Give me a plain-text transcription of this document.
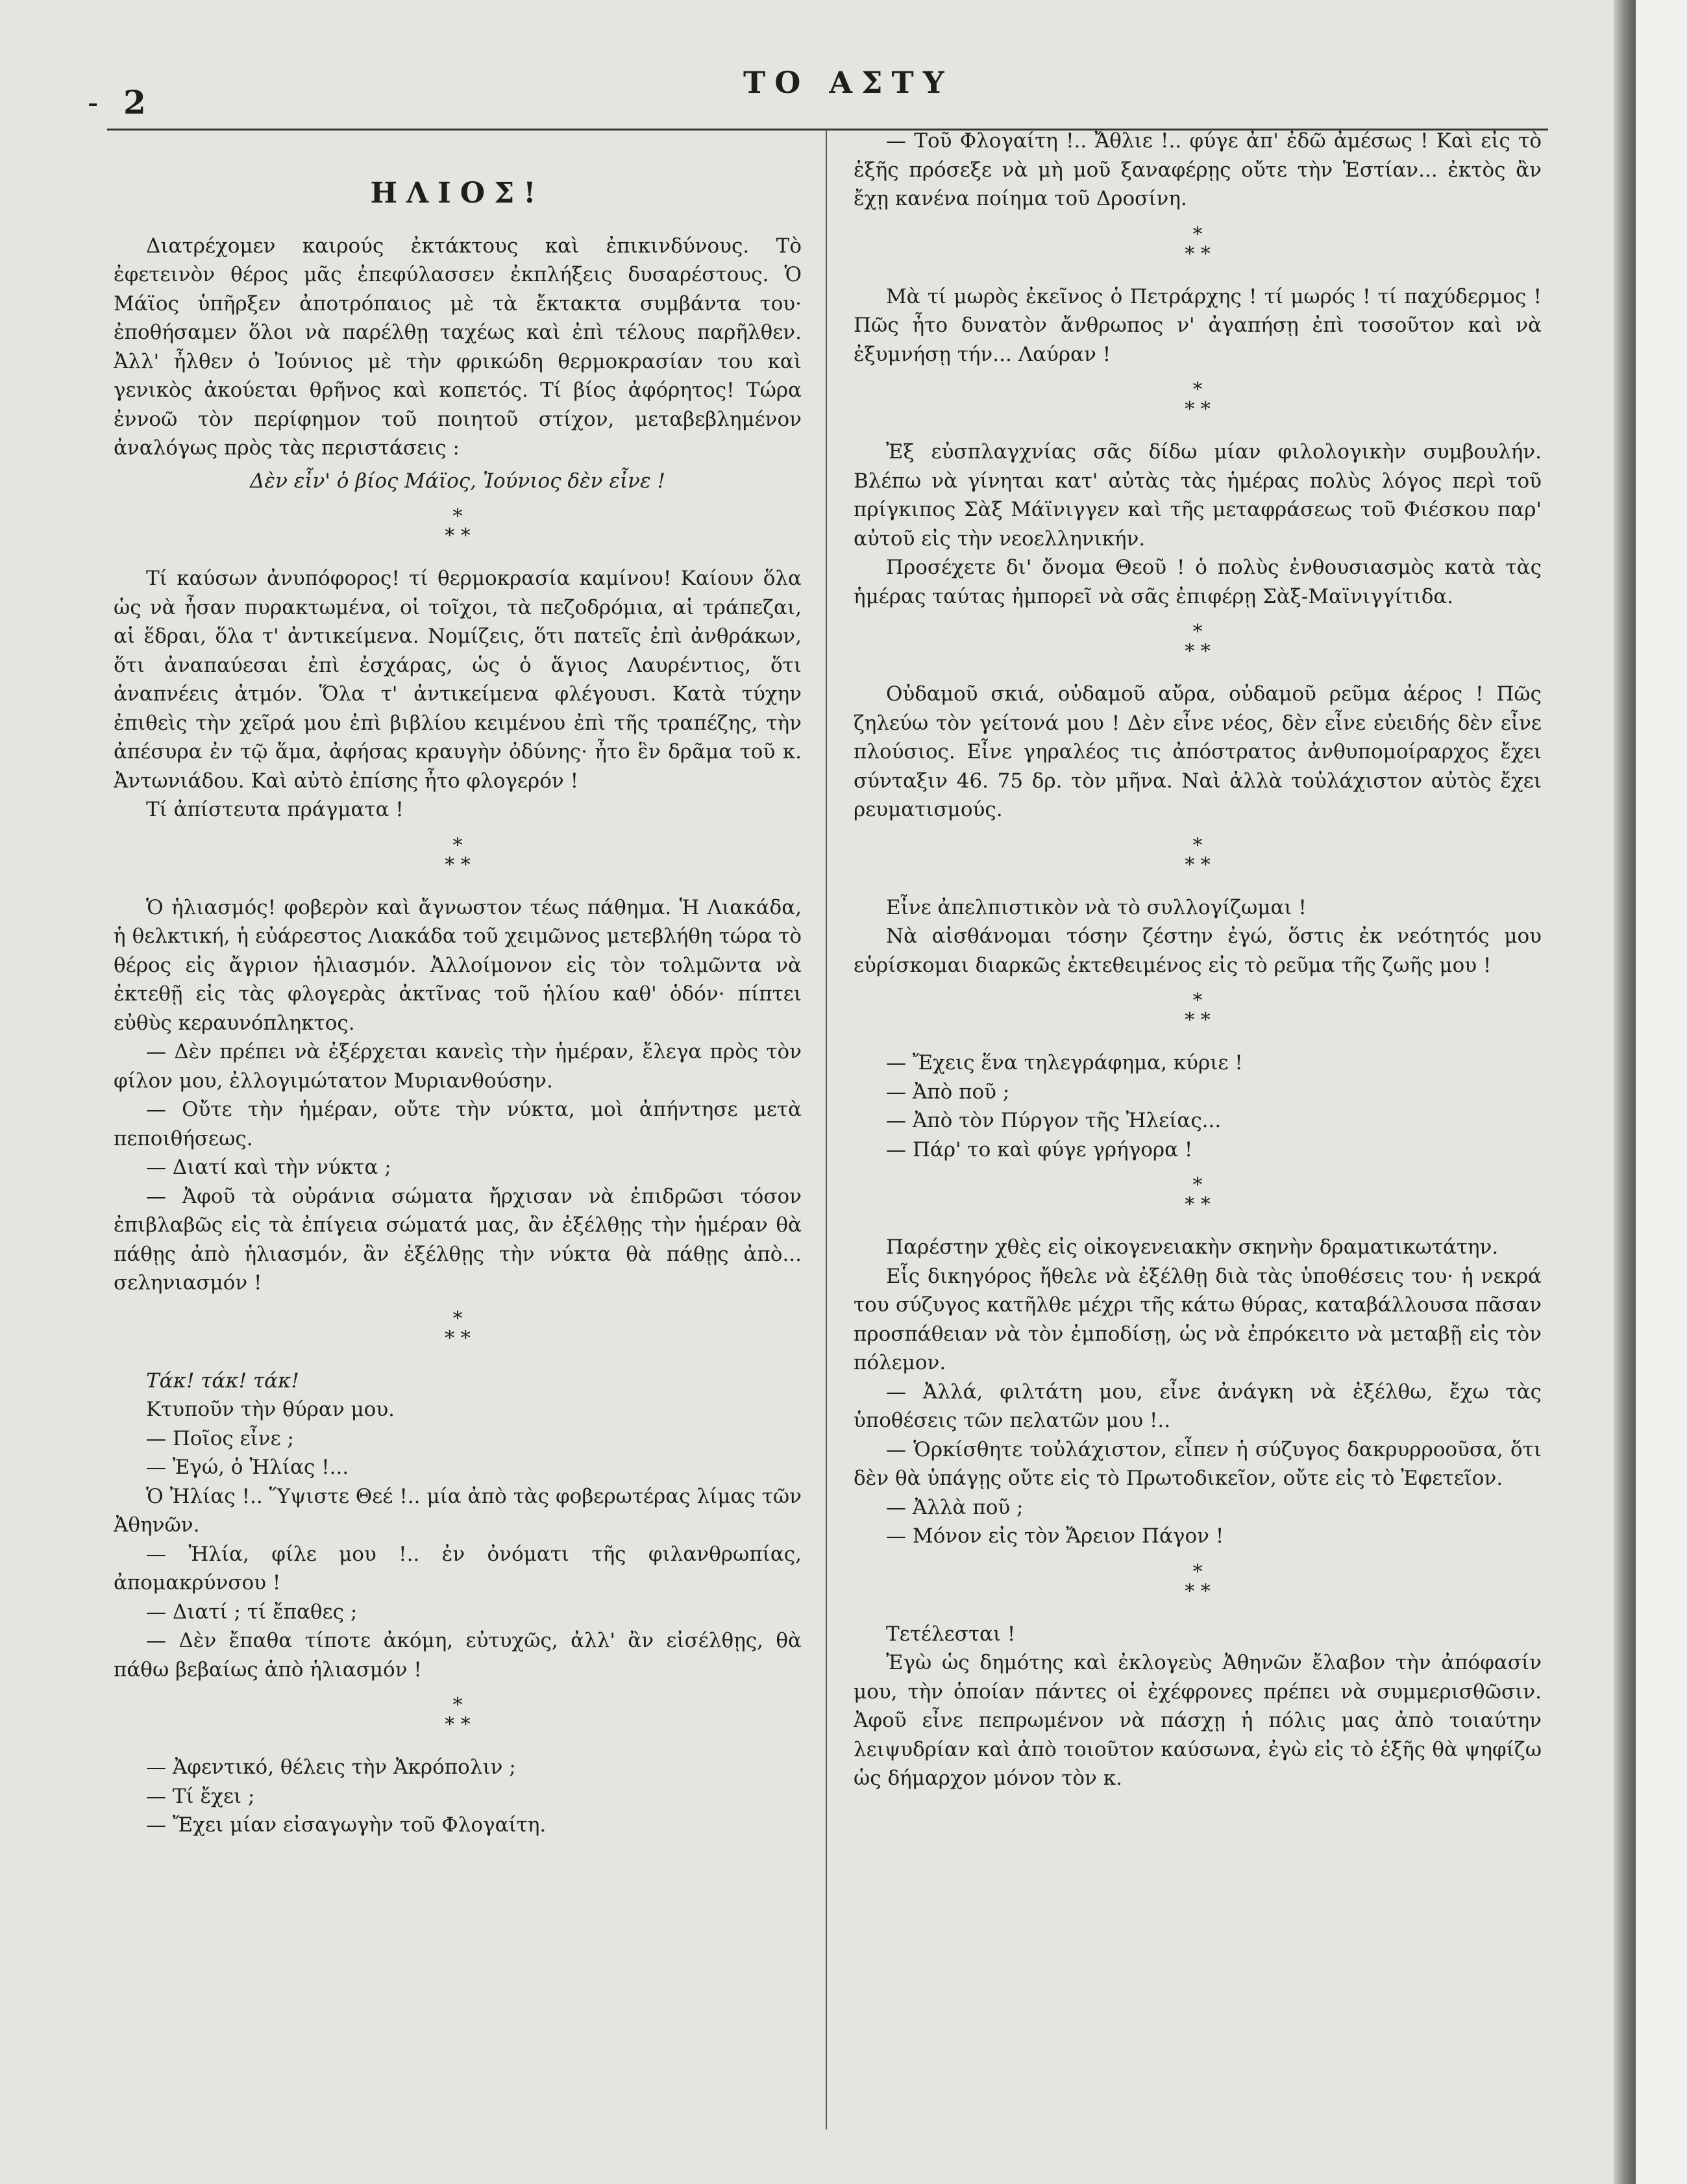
- 2
ΤΟ ΑΣΤΥ

ΗΛΙΟΣ!

Διατρέχομεν καιρούς ἐκτάκτους καὶ ἐπικινδύνους. Τὸ ἐφετεινὸν θέρος μᾶς ἐπεφύλασσεν ἐκπλήξεις δυσαρέστους. Ὁ Μάϊος ὑπῆρξεν ἀποτρόπαιος μὲ τὰ ἔκτακτα συμβάντα του· ἐποθήσαμεν ὅλοι νὰ παρέλθῃ ταχέως καὶ ἐπὶ τέλους παρῆλθεν. Ἀλλ' ἦλθεν ὁ Ἰούνιος μὲ τὴν φρικώδη θερμοκρασίαν του καὶ γενικὸς ἀκούεται θρῆνος καὶ κοπετός. Τί βίος ἀφόρητος! Τώρα ἐννοῶ τὸν περίφημον τοῦ ποιητοῦ στίχον, μεταβεβλημένον ἀναλόγως πρὸς τὰς περιστάσεις :

Δὲν εἶν' ὁ βίος Μάϊος, Ἰούνιος δὲν εἶνε !

*
* *

Τί καύσων ἀνυπόφορος! τί θερμοκρασία καμίνου! Καίουν ὅλα ὡς νὰ ἦσαν πυρακτωμένα, οἱ τοῖχοι, τὰ πεζοδρόμια, αἱ τράπεζαι, αἱ ἕδραι, ὅλα τ' ἀντικείμενα. Νομίζεις, ὅτι πατεῖς ἐπὶ ἀνθράκων, ὅτι ἀναπαύεσαι ἐπὶ ἐσχάρας, ὡς ὁ ἅγιος Λαυρέντιος, ὅτι ἀναπνέεις ἀτμόν. Ὅλα τ' ἀντικείμενα φλέγουσι. Κατὰ τύχην ἐπιθεὶς τὴν χεῖρά μου ἐπὶ βιβλίου κειμένου ἐπὶ τῆς τραπέζης, τὴν ἀπέσυρα ἐν τῷ ἅμα, ἀφήσας κραυγὴν ὀδύνης· ἦτο ἓν δρᾶμα τοῦ κ. Ἀντωνιάδου. Καὶ αὐτὸ ἐπίσης ἦτο φλογερόν !

Τί ἀπίστευτα πράγματα !

*
* *

Ὁ ἡλιασμός! φοβερὸν καὶ ἄγνωστον τέως πάθημα. Ἡ Λιακάδα, ἡ θελκτική, ἡ εὐάρεστος Λιακάδα τοῦ χειμῶνος μετεβλήθη τώρα τὸ θέρος εἰς ἄγριον ἡλιασμόν. Ἀλλοίμονον εἰς τὸν τολμῶντα νὰ ἐκτεθῇ εἰς τὰς φλογερὰς ἀκτῖνας τοῦ ἡλίου καθ' ὁδόν· πίπτει εὐθὺς κεραυνόπληκτος.

— Δὲν πρέπει νὰ ἐξέρχεται κανεὶς τὴν ἡμέραν, ἔλεγα πρὸς τὸν φίλον μου, ἐλλογιμώτατον Μυριανθούσην.

— Οὔτε τὴν ἡμέραν, οὔτε τὴν νύκτα, μοὶ ἀπήντησε μετὰ πεποιθήσεως.

— Διατί καὶ τὴν νύκτα ;

— Ἀφοῦ τὰ οὐράνια σώματα ἤρχισαν νὰ ἐπιδρῶσι τόσον ἐπιβλαβῶς εἰς τὰ ἐπίγεια σώματά μας, ἂν ἐξέλθῃς τὴν ἡμέραν θὰ πάθῃς ἀπὸ ἡλιασμόν, ἂν ἐξέλθῃς τὴν νύκτα θὰ πάθῃς ἀπὸ... σεληνιασμόν !

*
* *

Τάκ! τάκ! τάκ!

Κτυποῦν τὴν θύραν μου.

— Ποῖος εἶνε ;

— Ἐγώ, ὁ Ἠλίας !...

Ὁ Ἠλίας !.. Ὕψιστε Θεέ !.. μία ἀπὸ τὰς φοβερωτέρας λίμας τῶν Ἀθηνῶν.

— Ἠλία, φίλε μου !.. ἐν ὀνόματι τῆς φιλανθρωπίας, ἀπομακρύνσου !

— Διατί ; τί ἔπαθες ;

— Δὲν ἔπαθα τίποτε ἀκόμη, εὐτυχῶς, ἀλλ' ἂν εἰσέλθῃς, θὰ πάθω βεβαίως ἀπὸ ἡλιασμόν !

*
* *

— Ἀφεντικό, θέλεις τὴν Ἀκρόπολιν ;

— Τί ἔχει ;

— Ἔχει μίαν εἰσαγωγὴν τοῦ Φλογαίτη.

— Τοῦ Φλογαίτη !.. Ἄθλιε !.. φύγε ἀπ' ἐδῶ ἀμέσως ! Καὶ εἰς τὸ ἑξῆς πρόσεξε νὰ μὴ μοῦ ξαναφέρῃς οὔτε τὴν Ἑστίαν... ἐκτὸς ἂν ἔχῃ κανένα ποίημα τοῦ Δροσίνη.

*
* *

Μὰ τί μωρὸς ἐκεῖνος ὁ Πετράρχης ! τί μωρός ! τί παχύδερμος ! Πῶς ἦτο δυνατὸν ἄνθρωπος ν' ἀγαπήσῃ ἐπὶ τοσοῦτον καὶ νὰ ἐξυμνήσῃ τήν... Λαύραν !

*
* *

Ἐξ εὐσπλαγχνίας σᾶς δίδω μίαν φιλολογικὴν συμβουλήν. Βλέπω νὰ γίνηται κατ' αὐτὰς τὰς ἡμέρας πολὺς λόγος περὶ τοῦ πρίγκιπος Σὰξ Μάϊνιγγεν καὶ τῆς μεταφράσεως τοῦ Φιέσκου παρ' αὐτοῦ εἰς τὴν νεοελληνικήν.

Προσέχετε δι' ὄνομα Θεοῦ ! ὁ πολὺς ἐνθουσιασμὸς κατὰ τὰς ἡμέρας ταύτας ἠμπορεῖ νὰ σᾶς ἐπιφέρῃ Σὰξ-Μαϊνιγγίτιδα.

*
* *

Οὐδαμοῦ σκιά, οὐδαμοῦ αὔρα, οὐδαμοῦ ρεῦμα ἀέρος ! Πῶς ζηλεύω τὸν γείτονά μου ! Δὲν εἶνε νέος, δὲν εἶνε εὐειδής δὲν εἶνε πλούσιος. Εἶνε γηραλέος τις ἀπόστρατος ἀνθυπομοίραρχος ἔχει σύνταξιν 46. 75 δρ. τὸν μῆνα. Ναὶ ἀλλὰ τοὐλάχιστον αὐτὸς ἔχει ρευματισμούς.

*
* *

Εἶνε ἀπελπιστικὸν νὰ τὸ συλλογίζωμαι !

Νὰ αἰσθάνομαι τόσην ζέστην ἐγώ, ὅστις ἐκ νεότητός μου εὑρίσκομαι διαρκῶς ἐκτεθειμένος εἰς τὸ ρεῦμα τῆς ζωῆς μου !

*
* *

— Ἔχεις ἕνα τηλεγράφημα, κύριε !

— Ἀπὸ ποῦ ;

— Ἀπὸ τὸν Πύργον τῆς Ἠλείας...

— Πάρ' το καὶ φύγε γρήγορα !

*
* *

Παρέστην χθὲς εἰς οἰκογενειακὴν σκηνὴν δραματικωτάτην.

Εἷς δικηγόρος ἤθελε νὰ ἐξέλθῃ διὰ τὰς ὑποθέσεις του· ἡ νεκρά του σύζυγος κατῆλθε μέχρι τῆς κάτω θύρας, καταβάλλουσα πᾶσαν προσπάθειαν νὰ τὸν ἐμποδίσῃ, ὡς νὰ ἐπρόκειτο νὰ μεταβῇ εἰς τὸν πόλεμον.

— Ἀλλά, φιλτάτη μου, εἶνε ἀνάγκη νὰ ἐξέλθω, ἔχω τὰς ὑποθέσεις τῶν πελατῶν μου !..

— Ὁρκίσθητε τοὐλάχιστον, εἶπεν ἡ σύζυγος δακρυρροοῦσα, ὅτι δὲν θὰ ὑπάγῃς οὔτε εἰς τὸ Πρωτοδικεῖον, οὔτε εἰς τὸ Ἐφετεῖον.

— Ἀλλὰ ποῦ ;

— Μόνον εἰς τὸν Ἄρειον Πάγον !

*
* *

Τετέλεσται !

Ἐγὼ ὡς δημότης καὶ ἐκλογεὺς Ἀθηνῶν ἔλαβον τὴν ἀπόφασίν μου, τὴν ὁποίαν πάντες οἱ ἐχέφρονες πρέπει νὰ συμμερισθῶσιν. Ἀφοῦ εἶνε πεπρωμένον νὰ πάσχῃ ἡ πόλις μας ἀπὸ τοιαύτην λειψυδρίαν καὶ ἀπὸ τοιοῦτον καύσωνα, ἐγὼ εἰς τὸ ἑξῆς θὰ ψηφίζω ὡς δήμαρχον μόνον τὸν κ.
